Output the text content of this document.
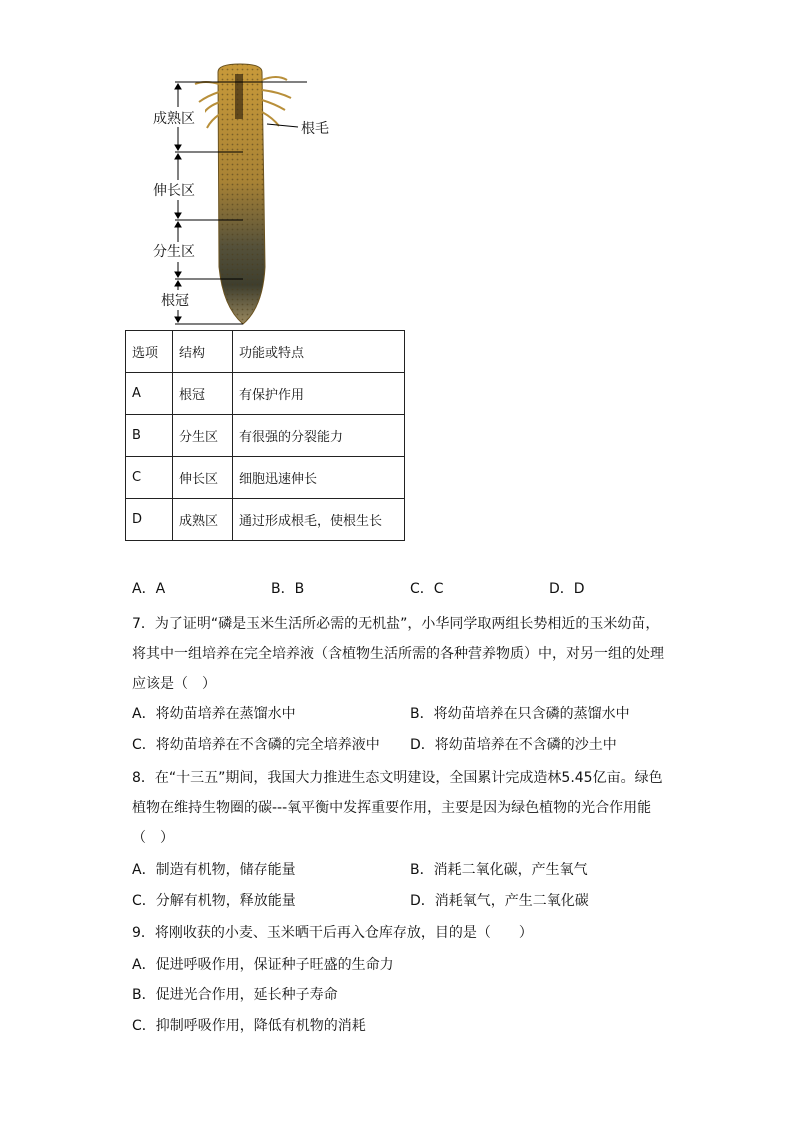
成熟区
伸长区
分生区
根冠
根毛
选项	结构	功能或特点
A	根冠	有保护作用
B	分生区	有很强的分裂能力
C	伸长区	细胞迅速伸长
D	成熟区	通过形成根毛，使根生长
A．A	B．B	C．C	D．D
7．为了证明“磷是玉米生活所必需的无机盐”，小华同学取两组长势相近的玉米幼苗，
将其中一组培养在完全培养液（含植物生活所需的各种营养物质）中，对另一组的处理
应该是（　）
A．将幼苗培养在蒸馏水中	B．将幼苗培养在只含磷的蒸馏水中
C．将幼苗培养在不含磷的完全培养液中 D．将幼苗培养在不含磷的沙土中
8．在“十三五”期间，我国大力推进生态文明建设，全国累计完成造林5.45亿亩。绿色
植物在维持生物圈的碳---氧平衡中发挥重要作用，主要是因为绿色植物的光合作用能
（　）
A．制造有机物，储存能量	B．消耗二氧化碳，产生氧气
C．分解有机物，释放能量	D．消耗氧气，产生二氧化碳
9．将刚收获的小麦、玉米晒干后再入仓库存放，目的是（　　）
A．促进呼吸作用，保证种子旺盛的生命力
B．促进光合作用，延长种子寿命
C．抑制呼吸作用，降低有机物的消耗
